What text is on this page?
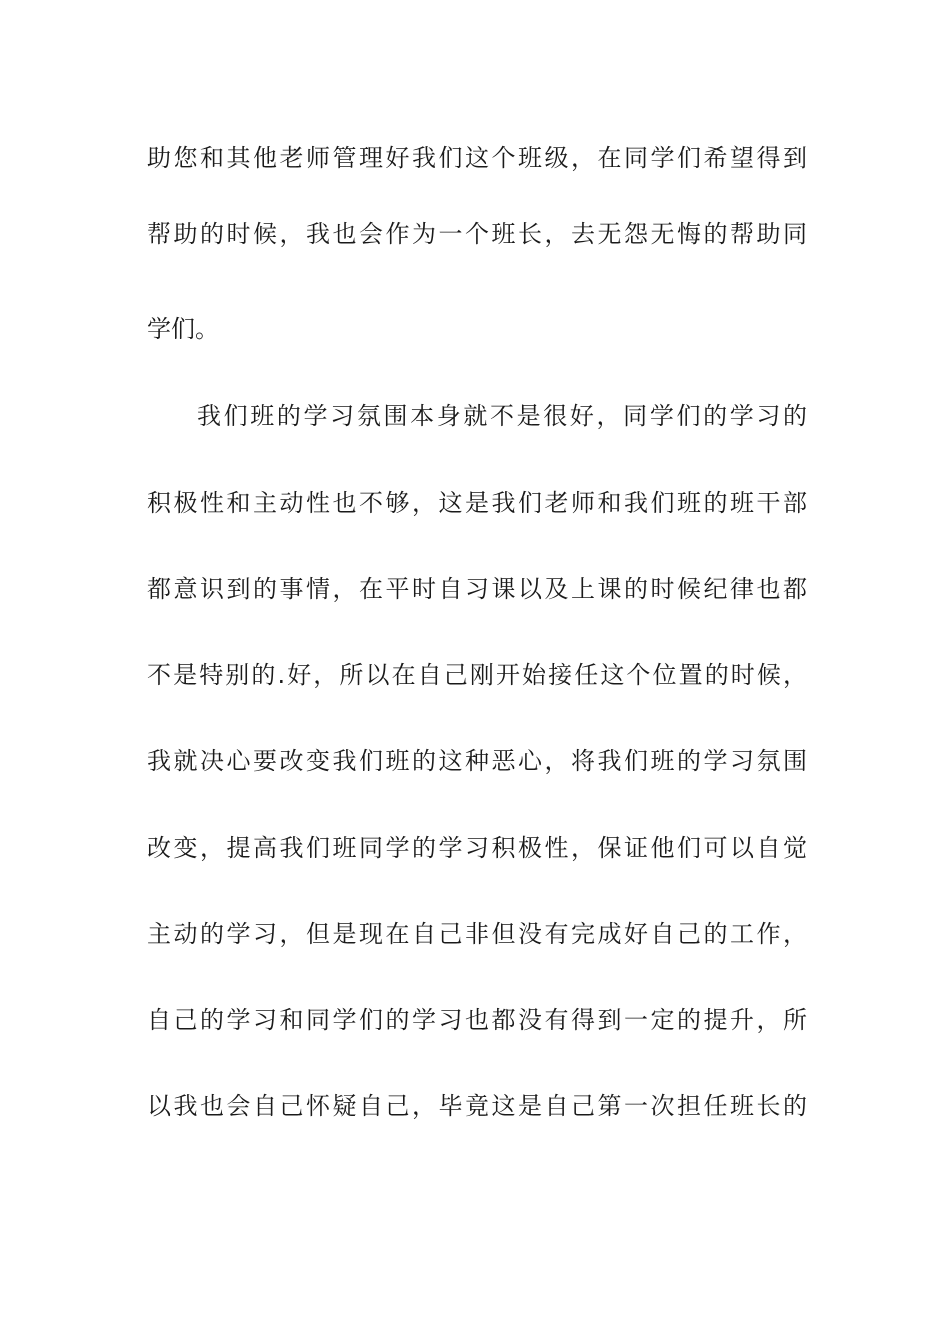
助您和其他老师管理好我们这个班级，在同学们希望得到
帮助的时候，我也会作为一个班长，去无怨无悔的帮助同
学们。
我们班的学习氛围本身就不是很好，同学们的学习的
积极性和主动性也不够，这是我们老师和我们班的班干部
都意识到的事情，在平时自习课以及上课的时候纪律也都
不是特别的.好，所以在自己刚开始接任这个位置的时候，
我就决心要改变我们班的这种恶心，将我们班的学习氛围
改变，提高我们班同学的学习积极性，保证他们可以自觉
主动的学习，但是现在自己非但没有完成好自己的工作，
自己的学习和同学们的学习也都没有得到一定的提升，所
以我也会自己怀疑自己，毕竟这是自己第一次担任班长的
